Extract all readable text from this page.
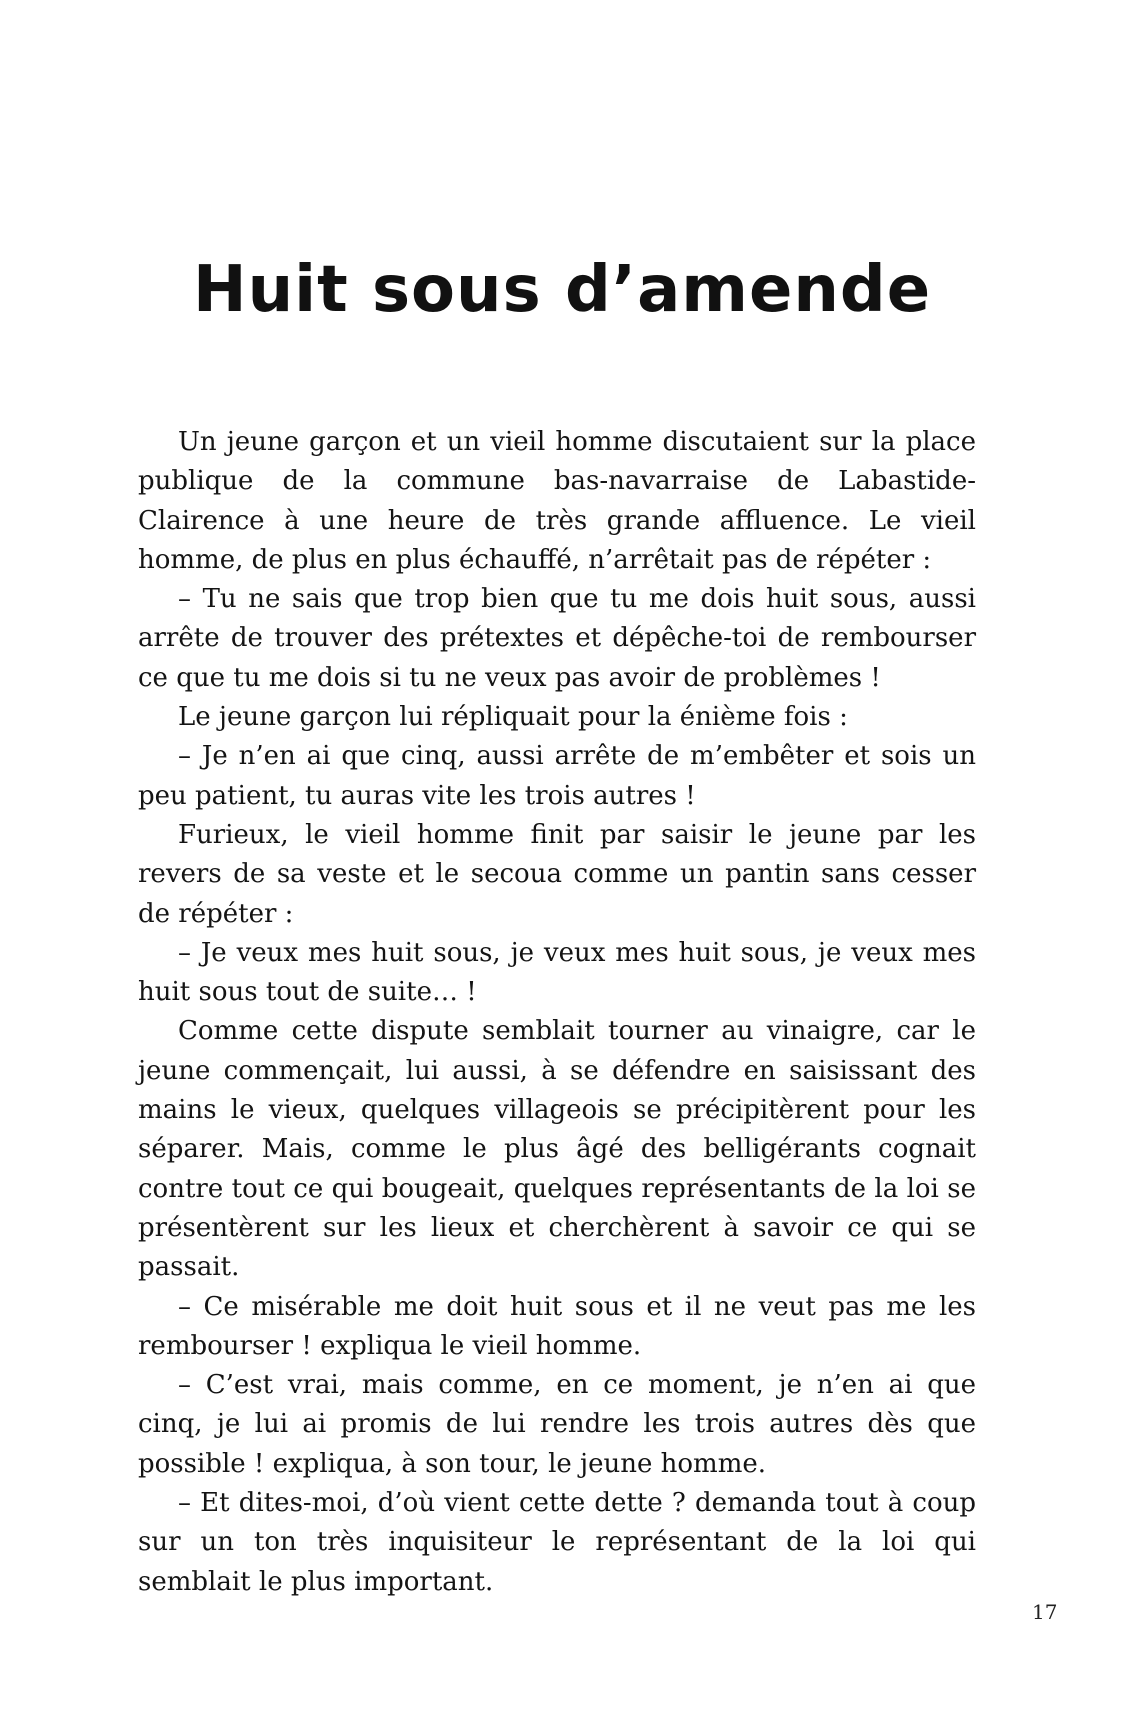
Huit sous d’amende

Un jeune garçon et un vieil homme discutaient sur la place publique de la commune bas-navarraise de Labastide-Clairence à une heure de très grande affluence. Le vieil homme, de plus en plus échauffé, n’arrêtait pas de répéter :

– Tu ne sais que trop bien que tu me dois huit sous, aussi arrête de trouver des prétextes et dépêche-toi de rembourser ce que tu me dois si tu ne veux pas avoir de problèmes !

Le jeune garçon lui répliquait pour la énième fois :

– Je n’en ai que cinq, aussi arrête de m’embêter et sois un peu patient, tu auras vite les trois autres !

Furieux, le vieil homme finit par saisir le jeune par les revers de sa veste et le secoua comme un pantin sans cesser de répéter :

– Je veux mes huit sous, je veux mes huit sous, je veux mes huit sous tout de suite… !

Comme cette dispute semblait tourner au vinaigre, car le jeune commençait, lui aussi, à se défendre en saisissant des mains le vieux, quelques villageois se précipitèrent pour les séparer. Mais, comme le plus âgé des belligérants cognait contre tout ce qui bougeait, quelques représentants de la loi se présentèrent sur les lieux et cherchèrent à savoir ce qui se passait.

– Ce misérable me doit huit sous et il ne veut pas me les rembourser ! expliqua le vieil homme.

– C’est vrai, mais comme, en ce moment, je n’en ai que cinq, je lui ai promis de lui rendre les trois autres dès que possible ! expliqua, à son tour, le jeune homme.

– Et dites-moi, d’où vient cette dette ? demanda tout à coup sur un ton très inquisiteur le représentant de la loi qui semblait le plus important.

17
